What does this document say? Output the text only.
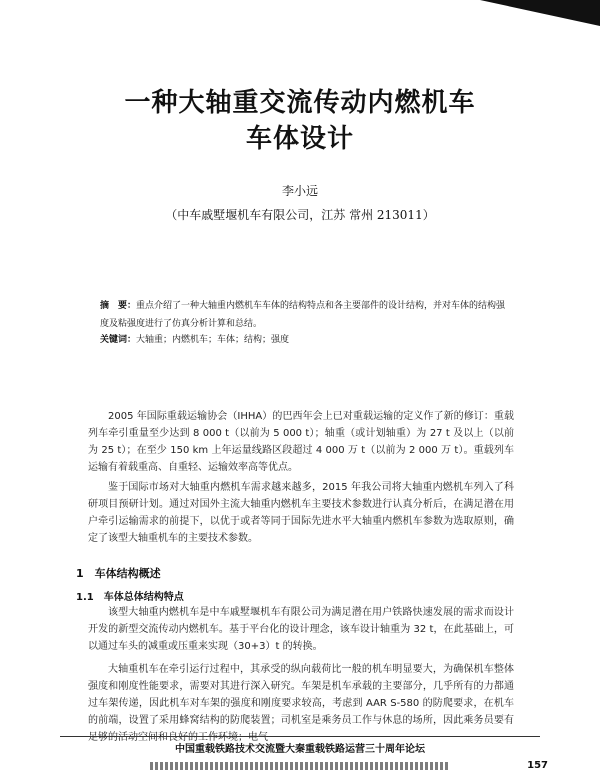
一种大轴重交流传动内燃机车
车体设计
李小远
（中车戚墅堰机车有限公司，江苏 常州 213011）
摘　要：重点介绍了一种大轴重内燃机车车体的结构特点和各主要部件的设计结构，并对车体的结构强度及粘强度进行了仿真分析计算和总结。
关键词：大轴重；内燃机车；车体；结构；强度
2005 年国际重载运输协会（IHHA）的巴西年会上已对重载运输的定义作了新的修订：重载列车牵引重量至少达到 8 000 t（以前为 5 000 t）；轴重（或计划轴重）为 27 t 及以上（以前为 25 t）；在至少 150 km 上年运量线路区段超过 4 000 万 t（以前为 2 000 万 t）。重载列车运输有着载重高、自重轻、运输效率高等优点。
鉴于国际市场对大轴重内燃机车需求越来越多，2015 年我公司将大轴重内燃机车列入了科研项目预研计划。通过对国外主流大轴重内燃机车主要技术参数进行认真分析后，在满足潜在用户牵引运输需求的前提下，以优于或者等同于国际先进水平大轴重内燃机车参数为选取原则，确定了该型大轴重机车的主要技术参数。
1　车体结构概述
1.1　车体总体结构特点
该型大轴重内燃机车是中车戚墅堰机车有限公司为满足潜在用户铁路快速发展的需求而设计开发的新型交流传动内燃机车。基于平台化的设计理念，该车设计轴重为 32 t，在此基础上，可以通过车头的减重或压重来实现（30+3）t 的转换。
大轴重机车在牵引运行过程中，其承受的纵向载荷比一般的机车明显要大，为确保机车整体强度和刚度性能要求，需要对其进行深入研究。车架是机车承载的主要部分，几乎所有的力都通过车架传递，因此机车对车架的强度和刚度要求较高，考虑到 AAR S-580 的防爬要求，在机车的前端，设置了采用蜂窝结构的防爬装置；司机室是乘务员工作与休息的场所，因此乘务员要有足够的活动空间和良好的工作环境；电气
中国重载铁路技术交流暨大秦重载铁路运营三十周年论坛
157
